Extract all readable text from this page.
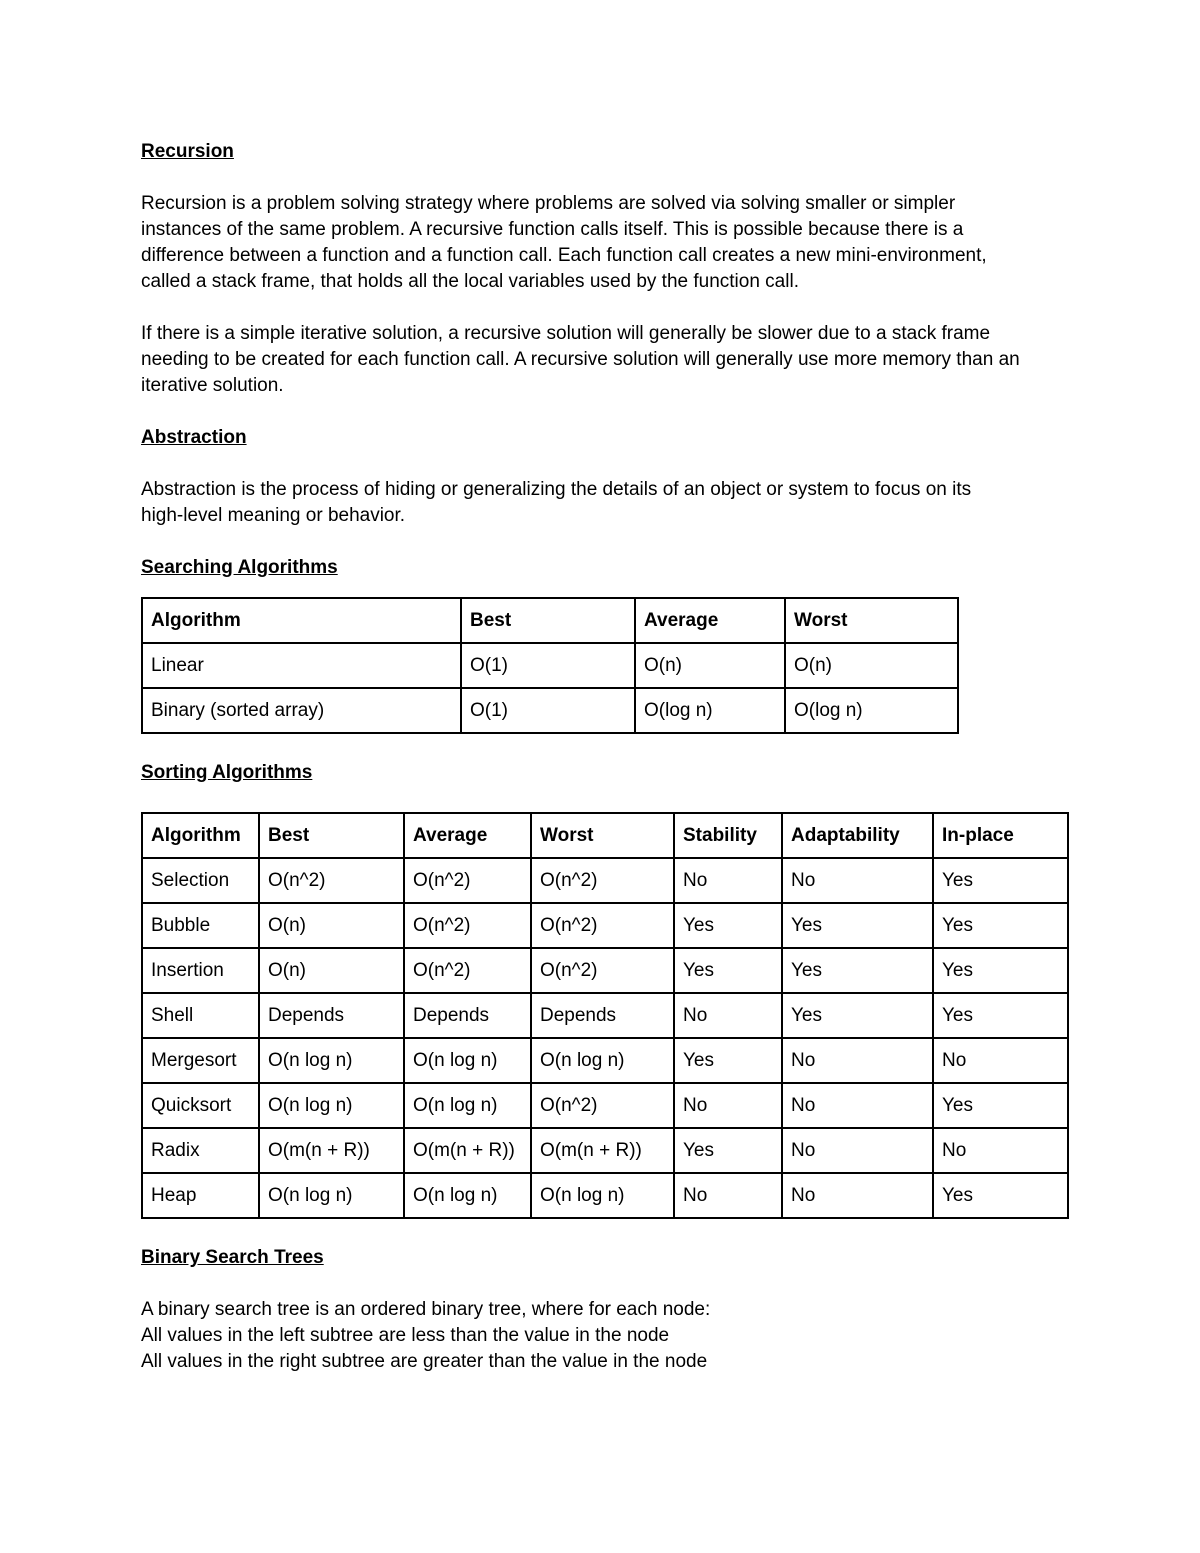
Recursion

Recursion is a problem solving strategy where problems are solved via solving smaller or simpler
instances of the same problem. A recursive function calls itself. This is possible because there is a
difference between a function and a function call. Each function call creates a new mini-environment,
called a stack frame, that holds all the local variables used by the function call.

If there is a simple iterative solution, a recursive solution will generally be slower due to a stack frame
needing to be created for each function call. A recursive solution will generally use more memory than an
iterative solution.

Abstraction

Abstraction is the process of hiding or generalizing the details of an object or system to focus on its
high-level meaning or behavior.

Searching Algorithms
Algorithm	Best	Average	Worst
Linear	O(1)	O(n)	O(n)
Binary (sorted array)	O(1)	O(log n)	O(log n)
Sorting Algorithms
Algorithm	Best	Average	Worst	Stability	Adaptability	In-place
Selection	O(n^2)	O(n^2)	O(n^2)	No	No	Yes
Bubble	O(n)	O(n^2)	O(n^2)	Yes	Yes	Yes
Insertion	O(n)	O(n^2)	O(n^2)	Yes	Yes	Yes
Shell	Depends	Depends	Depends	No	Yes	Yes
Mergesort	O(n log n)	O(n log n)	O(n log n)	Yes	No	No
Quicksort	O(n log n)	O(n log n)	O(n^2)	No	No	Yes
Radix	O(m(n + R))	O(m(n + R))	O(m(n + R))	Yes	No	No
Heap	O(n log n)	O(n log n)	O(n log n)	No	No	Yes
Binary Search Trees

A binary search tree is an ordered binary tree, where for each node:
All values in the left subtree are less than the value in the node
All values in the right subtree are greater than the value in the node
